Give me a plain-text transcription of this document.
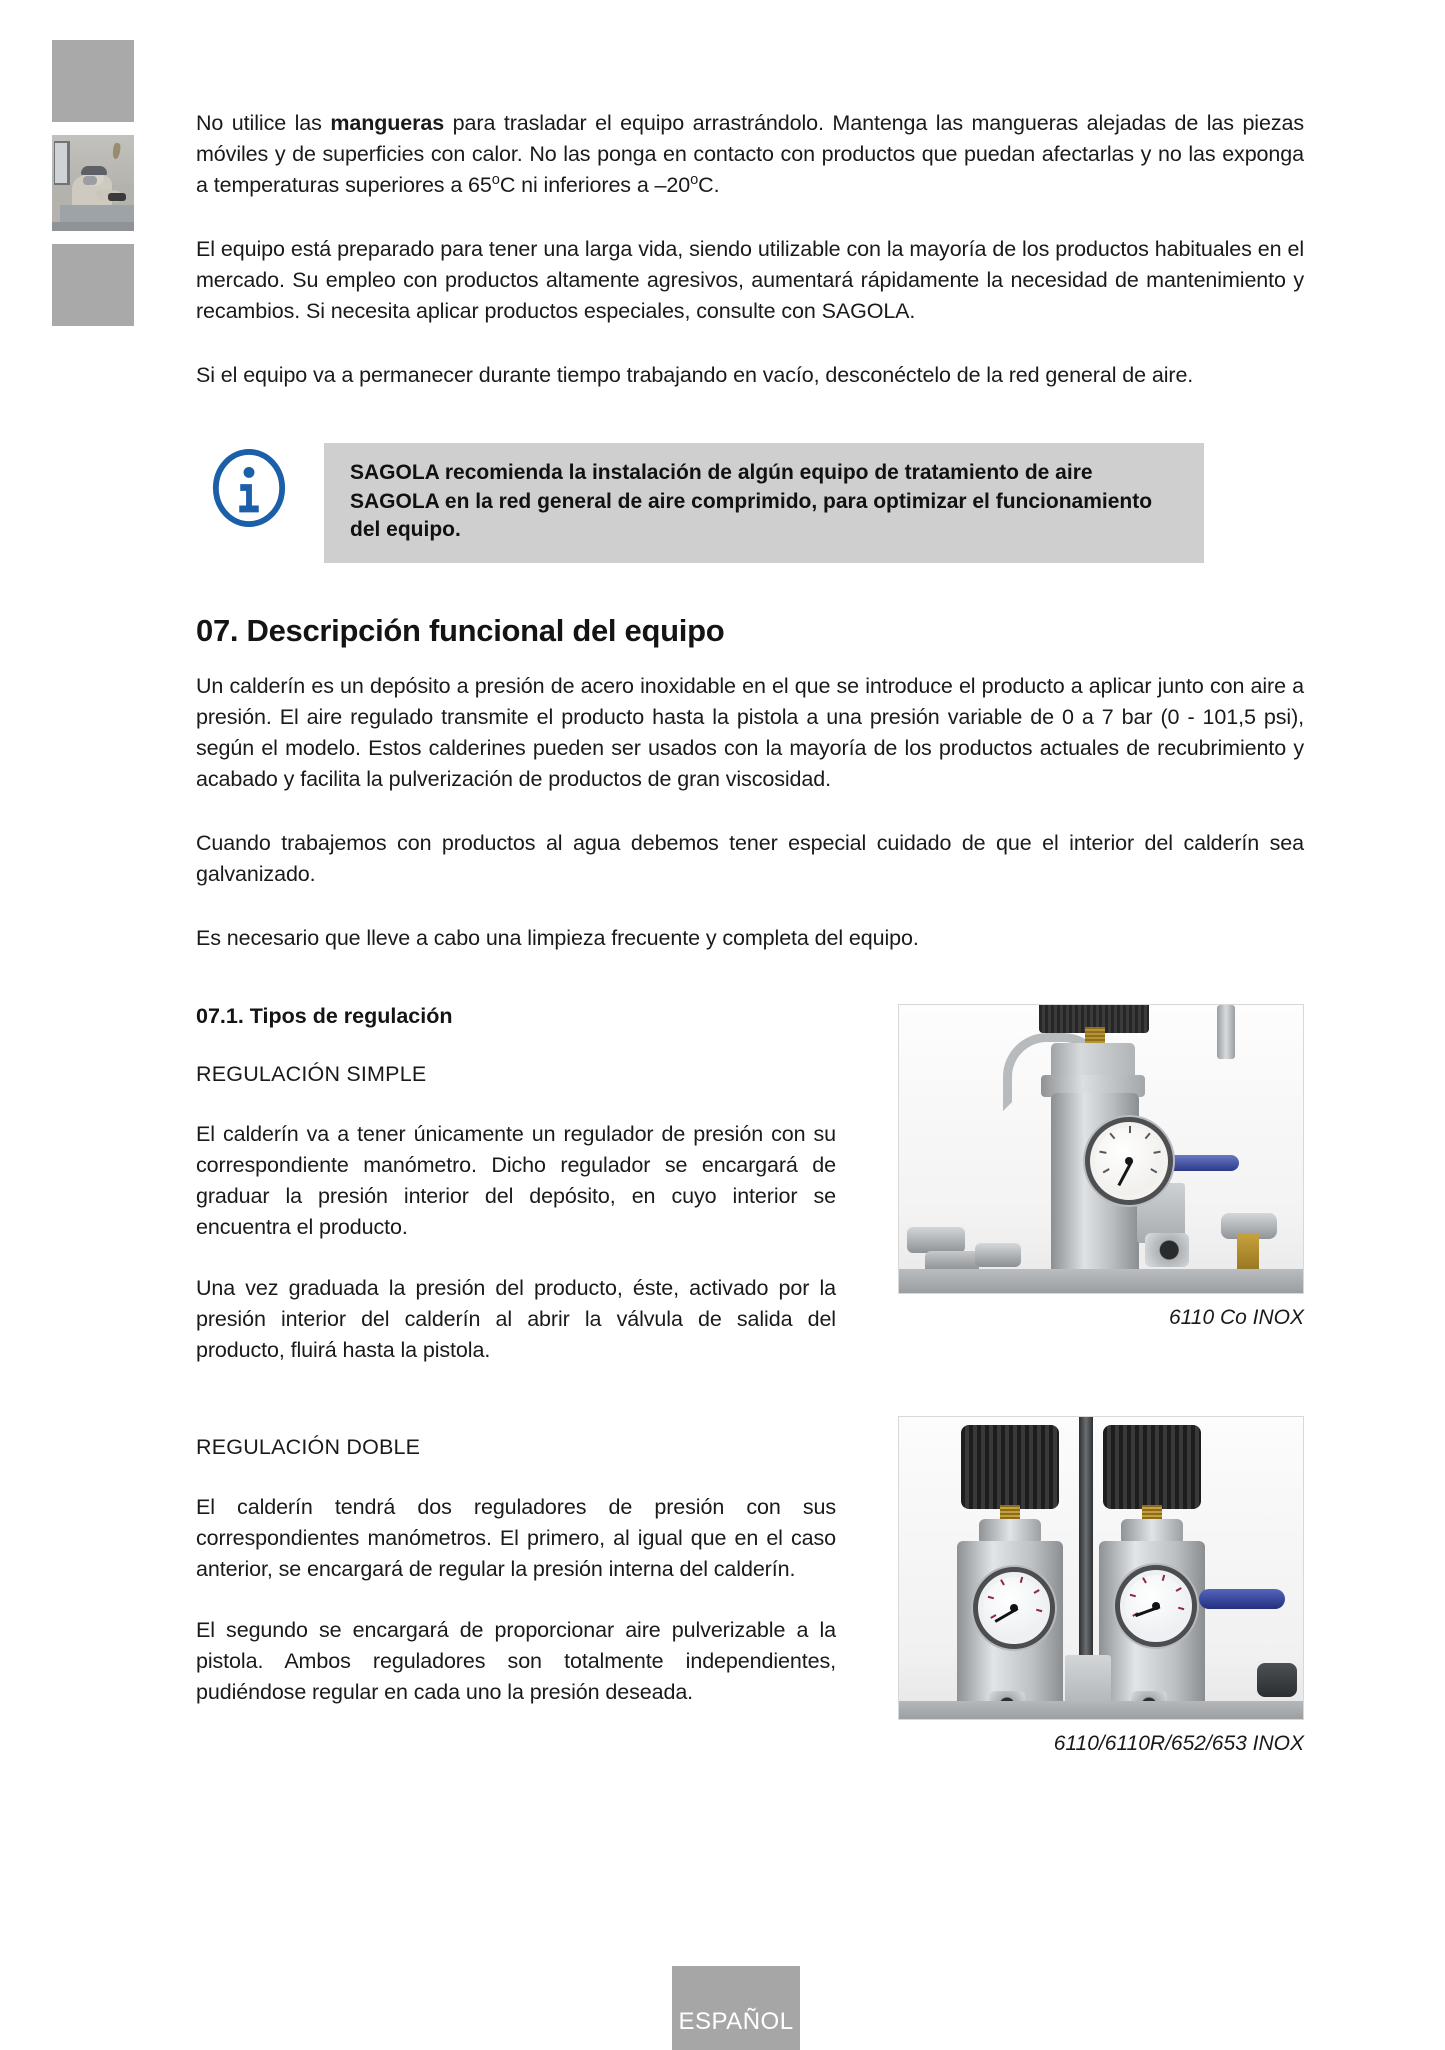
No utilice las mangueras para trasladar el equipo arrastrándolo. Mantenga las mangueras alejadas de las piezas móviles y de superficies con calor. No las ponga en contacto con productos que puedan afectarlas y no las exponga a temperaturas superiores a 65$^o$C ni inferiores a –20$^o$C.

El equipo está preparado para tener una larga vida, siendo utilizable con la mayoría de los productos habituales en el mercado. Su empleo con productos altamente agresivos, aumentará rápidamente la necesidad de mantenimiento y recambios. Si necesita aplicar productos especiales, consulte con SAGOLA.

Si el equipo va a permanecer durante tiempo trabajando en vacío, desconéctelo de la red general de aire.

SAGOLA recomienda la instalación de algún equipo de tratamiento de aire SAGOLA en la red general de aire comprimido, para optimizar el funcionamiento del equipo.

07. Descripción funcional del equipo

Un calderín es un depósito a presión de acero inoxidable en el que se introduce el producto a aplicar junto con aire a presión. El aire regulado transmite el producto hasta la pistola a una presión variable de 0 a 7 bar (0 - 101,5 psi), según el modelo. Estos calderines pueden ser usados con la mayoría de los productos actuales de recubrimiento y acabado y facilita la pulverización de productos de gran viscosidad.

Cuando trabajemos con productos al agua debemos tener especial cuidado de que el interior del calderín sea galvanizado.

Es necesario que lleve a cabo una limpieza frecuente y completa del equipo.

07.1. Tipos de regulación

REGULACIÓN SIMPLE

El calderín va a tener únicamente un regulador de presión con su correspondiente manómetro. Dicho regulador se encargará de graduar la presión interior del depósito, en cuyo interior se encuentra el producto.

Una vez graduada la presión del producto, éste, activado por la presión interior del calderín al abrir la válvula de salida del producto, fluirá hasta la pistola.

REGULACIÓN DOBLE

El calderín tendrá dos reguladores de presión con sus correspondientes manómetros. El primero, al igual que en el caso anterior, se encargará de regular la presión interna del calderín.

El segundo se encargará de proporcionar aire pulverizable a la pistola. Ambos reguladores son totalmente independientes, pudiéndose regular en cada uno la presión deseada.

6110 Co INOX
6110/6110R/652/653 INOX
ESPAÑOL
